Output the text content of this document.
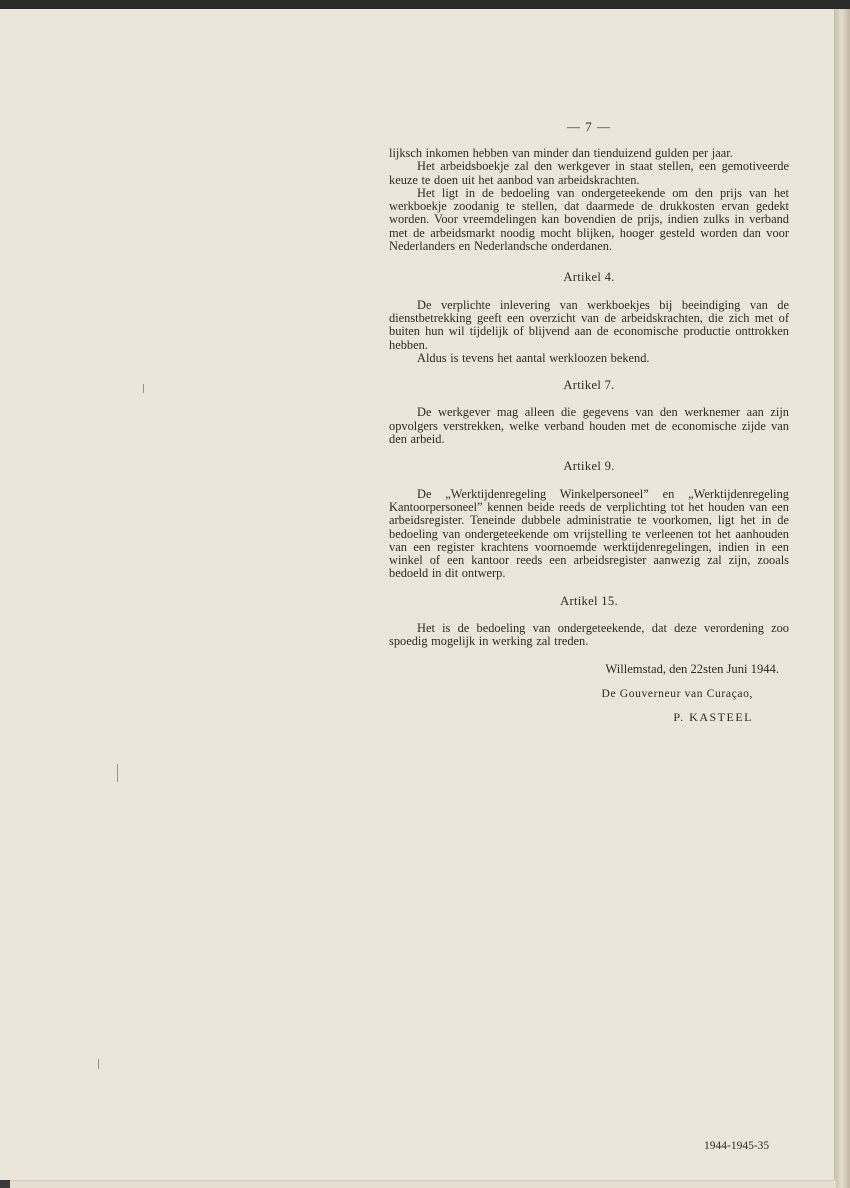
— 7 —

lijksch inkomen hebben van minder dan tienduizend gulden per jaar.

Het arbeidsboekje zal den werkgever in staat stellen, een gemotiveerde keuze te doen uit het aanbod van arbeidskrachten.

Het ligt in de bedoeling van ondergeteekende om den prijs van het werkboekje zoodanig te stellen, dat daarmede de drukkosten ervan gedekt worden. Voor vreemdelingen kan bovendien de prijs, indien zulks in verband met de arbeidsmarkt noodig mocht blijken, hooger gesteld worden dan voor Nederlanders en Nederlandsche onderdanen.

Artikel 4.

De verplichte inlevering van werkboekjes bij beeindiging van de dienstbetrekking geeft een overzicht van de arbeidskrachten, die zich met of buiten hun wil tijdelijk of blijvend aan de economische productie onttrokken hebben.

Aldus is tevens het aantal werkloozen bekend.

Artikel 7.

De werkgever mag alleen die gegevens van den werknemer aan zijn opvolgers verstrekken, welke verband houden met de economische zijde van den arbeid.

Artikel 9.

De „Werktijdenregeling Winkelpersoneel” en „Werktijdenregeling Kantoorpersoneel” kennen beide reeds de verplichting tot het houden van een arbeidsregister. Teneinde dubbele administratie te voorkomen, ligt het in de bedoeling van ondergeteekende om vrijstelling te verleenen tot het aanhouden van een register krachtens voornoemde werktijdenregelingen, indien in een winkel of een kantoor reeds een arbeidsregister aanwezig zal zijn, zooals bedoeld in dit ontwerp.

Artikel 15.

Het is de bedoeling van ondergeteekende, dat deze verordening zoo spoedig mogelijk in werking zal treden.

Willemstad, den 22sten Juni 1944.

De Gouverneur van Curaçao,

P. KASTEEL

1944-1945-35
